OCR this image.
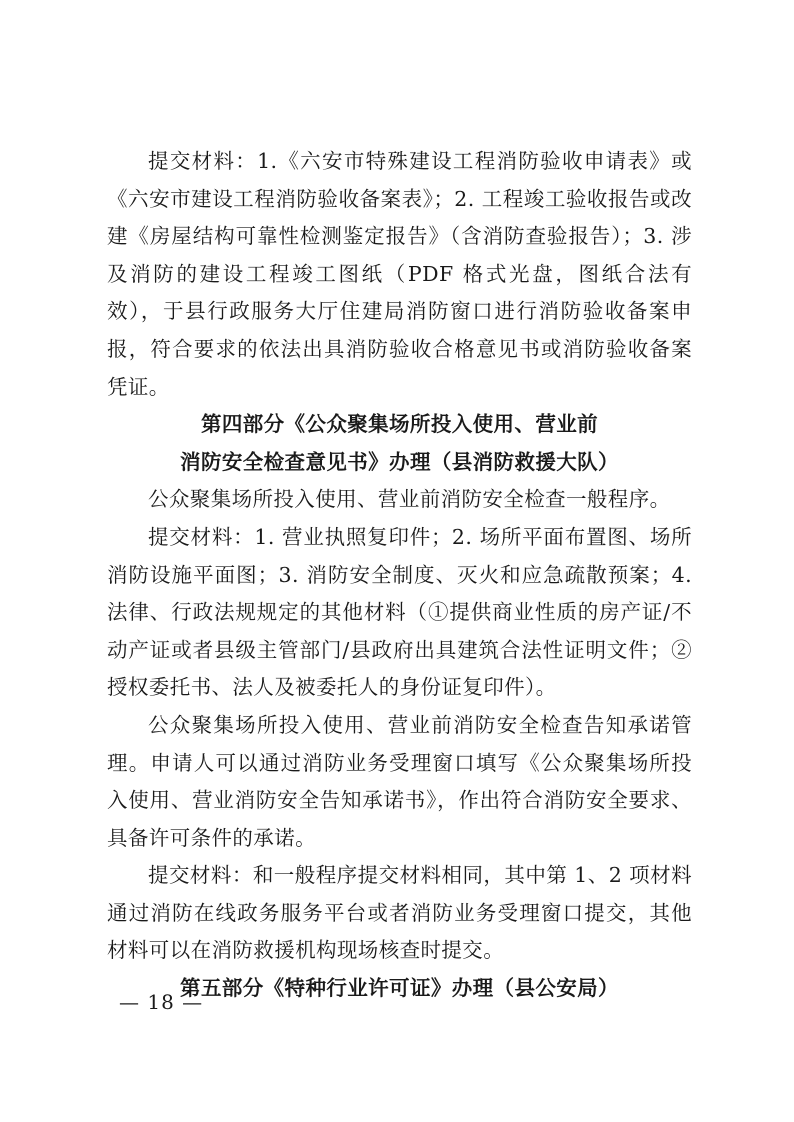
提交材料：1.《六安市特殊建设工程消防验收申请表》或《六安市建设工程消防验收备案表》；2. 工程竣工验收报告或改建《房屋结构可靠性检测鉴定报告》（含消防查验报告）；3. 涉及消防的建设工程竣工图纸（PDF 格式光盘，图纸合法有效），于县行政服务大厅住建局消防窗口进行消防验收备案申报，符合要求的依法出具消防验收合格意见书或消防验收备案凭证。

第四部分《公众聚集场所投入使用、营业前

消防安全检查意见书》办理（县消防救援大队）

公众聚集场所投入使用、营业前消防安全检查一般程序。

提交材料：1. 营业执照复印件；2. 场所平面布置图、场所消防设施平面图；3. 消防安全制度、灭火和应急疏散预案；4. 法律、行政法规规定的其他材料（①提供商业性质的房产证/不动产证或者县级主管部门/县政府出具建筑合法性证明文件；②授权委托书、法人及被委托人的身份证复印件）。

公众聚集场所投入使用、营业前消防安全检查告知承诺管理。申请人可以通过消防业务受理窗口填写《公众聚集场所投入使用、营业消防安全告知承诺书》，作出符合消防安全要求、具备许可条件的承诺。

提交材料：和一般程序提交材料相同，其中第 1、2 项材料通过消防在线政务服务平台或者消防业务受理窗口提交，其他材料可以在消防救援机构现场核查时提交。

第五部分《特种行业许可证》办理（县公安局）

— 18 —
